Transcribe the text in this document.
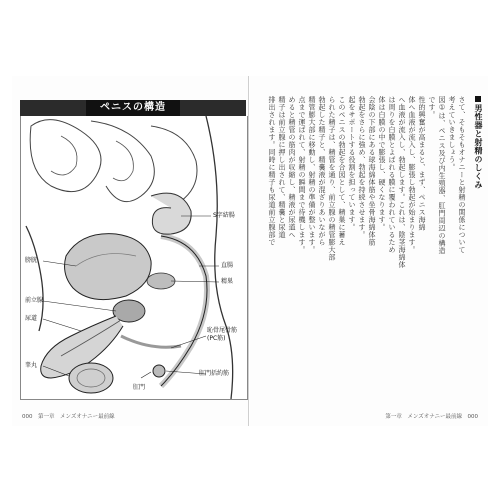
ペニスの構造
S字結腸
直腸
精巣
膀胱
前立腺
尿道
睾丸
恥骨尾骨筋
(PC筋)
肛門括約筋
肛門
000　第一章　メンズオナニー最前線
男性器と射精のしくみ
さて、そもそもオナニーと射精の関係について
考えていきましょう。
図①は、ペニス及び内生殖器、肛門周辺の構造
です。
性的興奮が高まると、まず、ペニス海綿
体へ血液が流入し、膨張し勃起が始まります。
へ血液が流入し、勃起します。これは、陰茎海綿体
は周りを白膜とよばれる膜に覆われているため
体は白膜の中で膨張し、硬くなります。
会陰の下部にある球海綿体筋や坐骨海綿体筋
勃起をさらに強め、勃起を持続させます。
起をサポートする役割を担っています。
このペニスの勃起を合図として、精巣に蓄え
られた精子は、精管を通り、前立腺の精管膨大部
勃起した精子と、精嚢液が混ざりあいながら
精管膨大部に移動し、射精の準備が整います。
点まで運ばれて、射精の瞬間まで待機します。
めると精管の筋肉が収縮し、精液が尿道へ
精子は前立腺に押し出されて、精嚢と尿道
排出されます。同時に精子も尿道前立腺部で
第一章　メンズオナニー最前線　000
